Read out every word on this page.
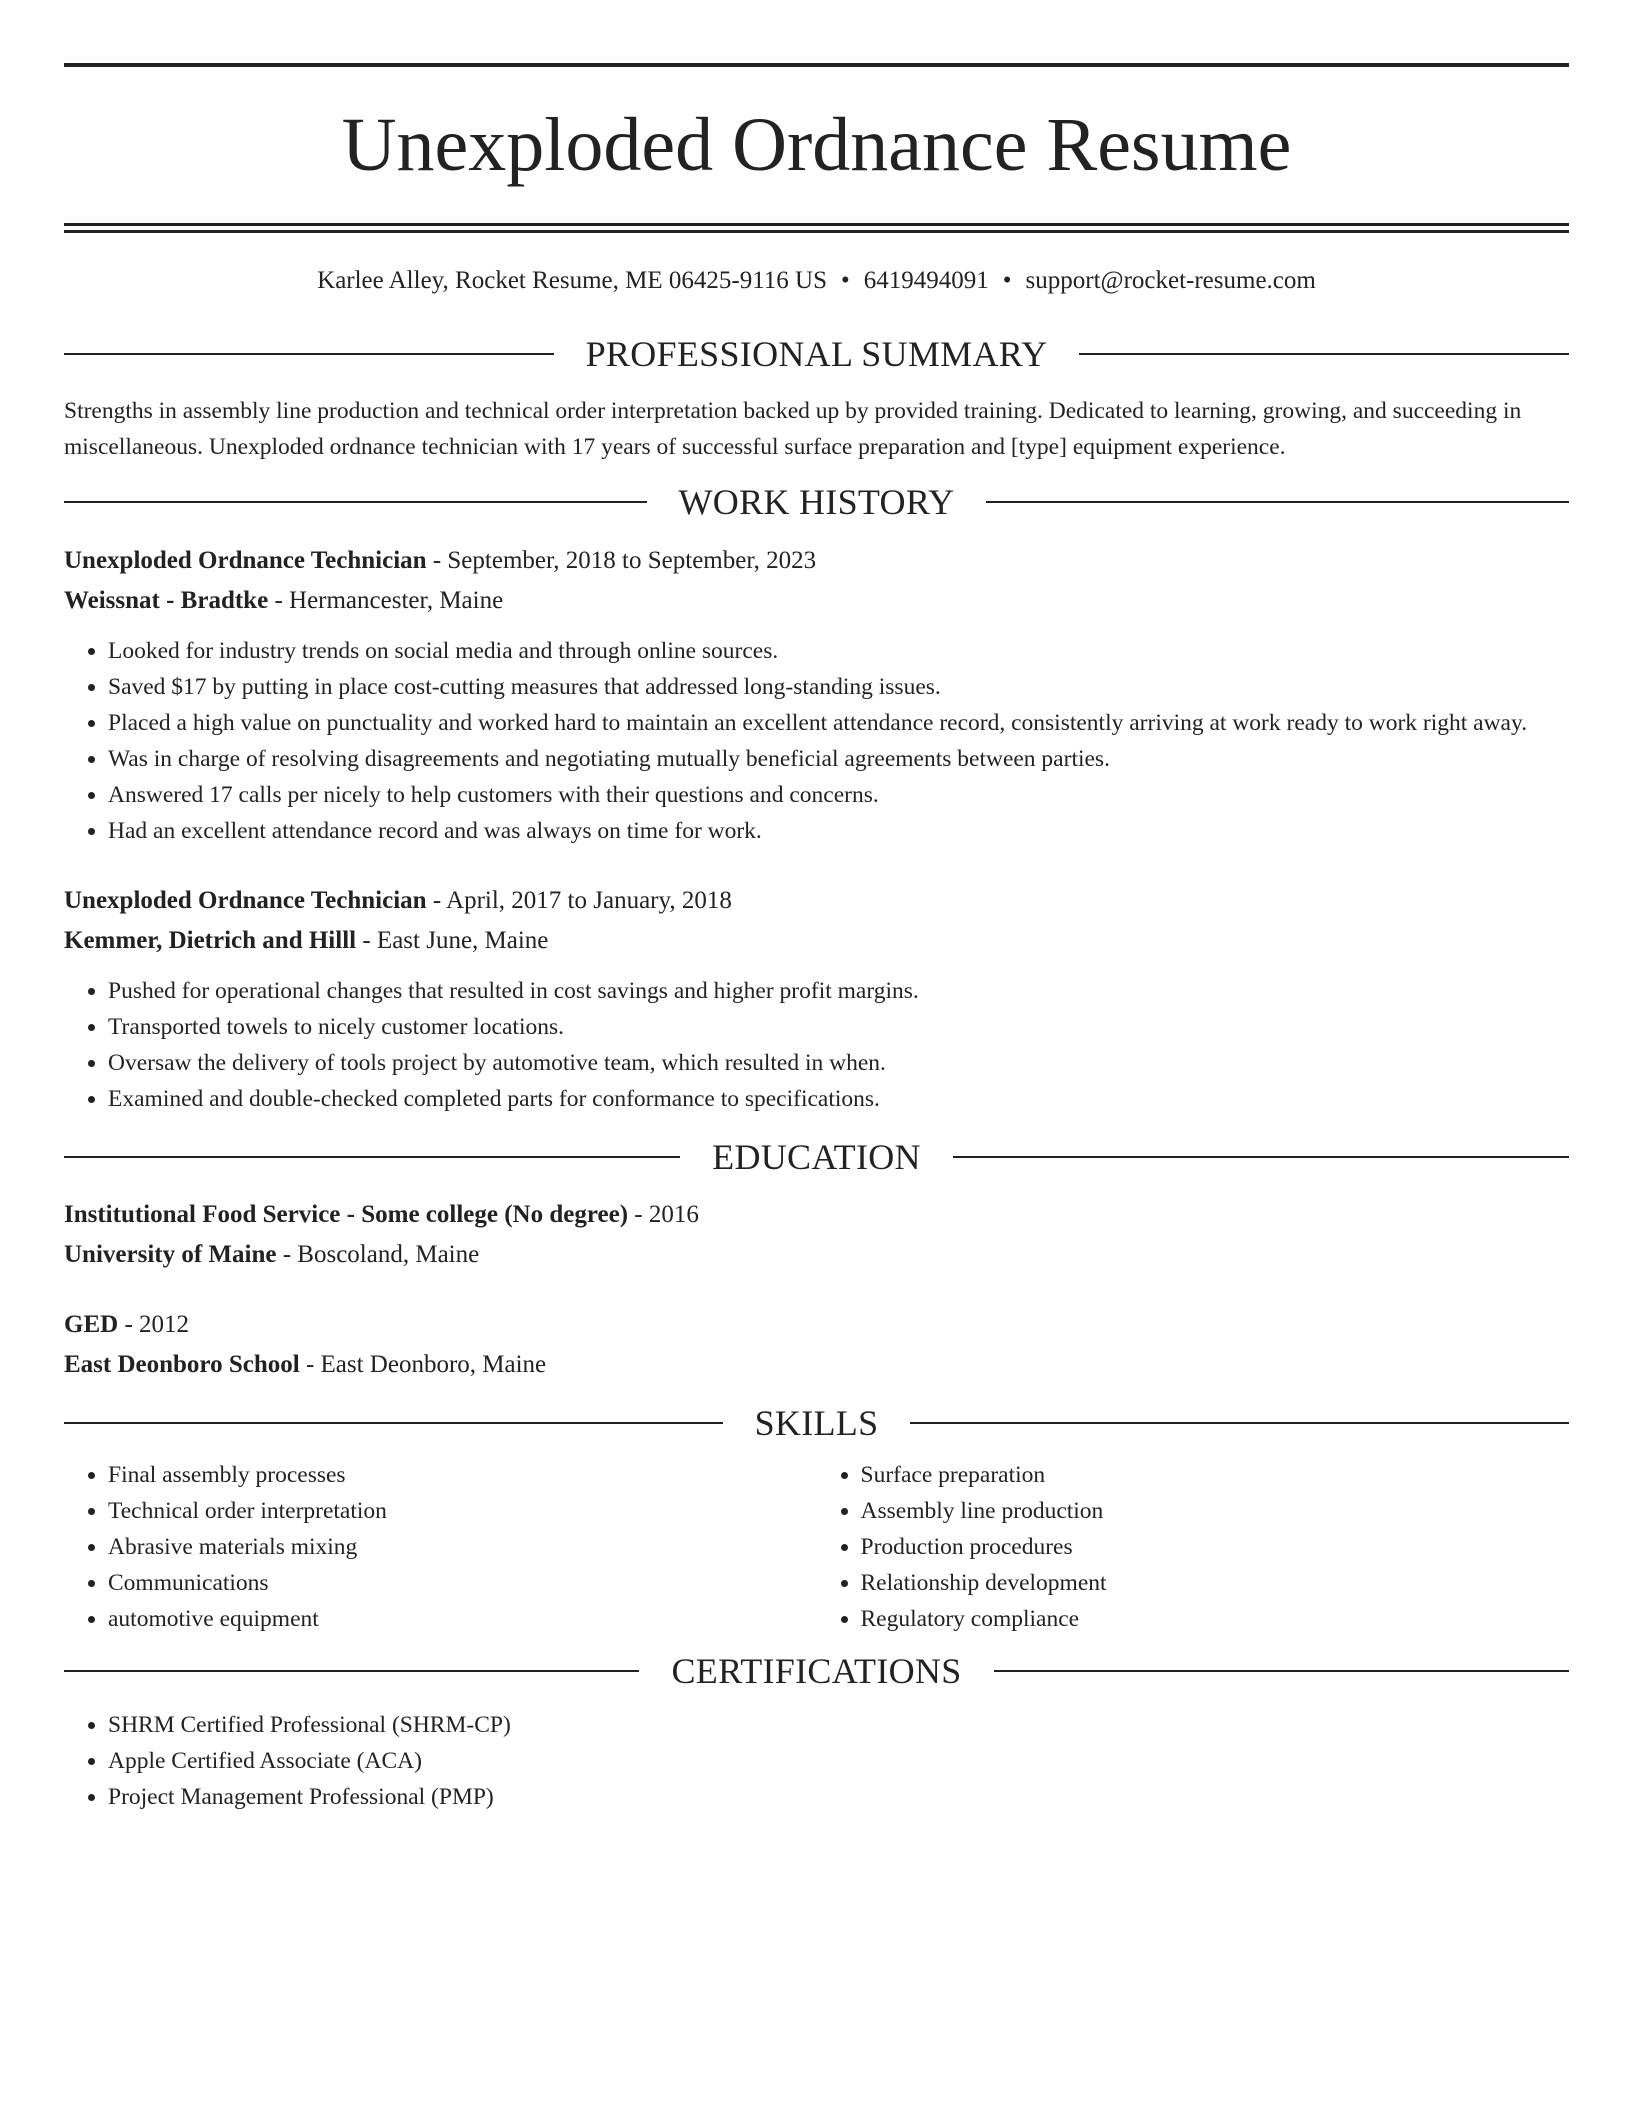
Unexploded Ordnance Resume
Karlee Alley, Rocket Resume, ME 06425-9116 US • 6419494091 • support@rocket-resume.com
PROFESSIONAL SUMMARY
Strengths in assembly line production and technical order interpretation backed up by provided training. Dedicated to learning, growing, and succeeding in miscellaneous. Unexploded ordnance technician with 17 years of successful surface preparation and [type] equipment experience.
WORK HISTORY
Unexploded Ordnance Technician - September, 2018 to September, 2023
Weissnat - Bradtke - Hermancester, Maine
• Looked for industry trends on social media and through online sources.
• Saved $17 by putting in place cost-cutting measures that addressed long-standing issues.
• Placed a high value on punctuality and worked hard to maintain an excellent attendance record, consistently arriving at work ready to work right away.
• Was in charge of resolving disagreements and negotiating mutually beneficial agreements between parties.
• Answered 17 calls per nicely to help customers with their questions and concerns.
• Had an excellent attendance record and was always on time for work.
Unexploded Ordnance Technician - April, 2017 to January, 2018
Kemmer, Dietrich and Hilll - East June, Maine
• Pushed for operational changes that resulted in cost savings and higher profit margins.
• Transported towels to nicely customer locations.
• Oversaw the delivery of tools project by automotive team, which resulted in when.
• Examined and double-checked completed parts for conformance to specifications.
EDUCATION
Institutional Food Service - Some college (No degree) - 2016
University of Maine - Boscoland, Maine
GED - 2012
East Deonboro School - East Deonboro, Maine
SKILLS
• Final assembly processes
• Technical order interpretation
• Abrasive materials mixing
• Communications
• automotive equipment
• Surface preparation
• Assembly line production
• Production procedures
• Relationship development
• Regulatory compliance
CERTIFICATIONS
• SHRM Certified Professional (SHRM-CP)
• Apple Certified Associate (ACA)
• Project Management Professional (PMP)
